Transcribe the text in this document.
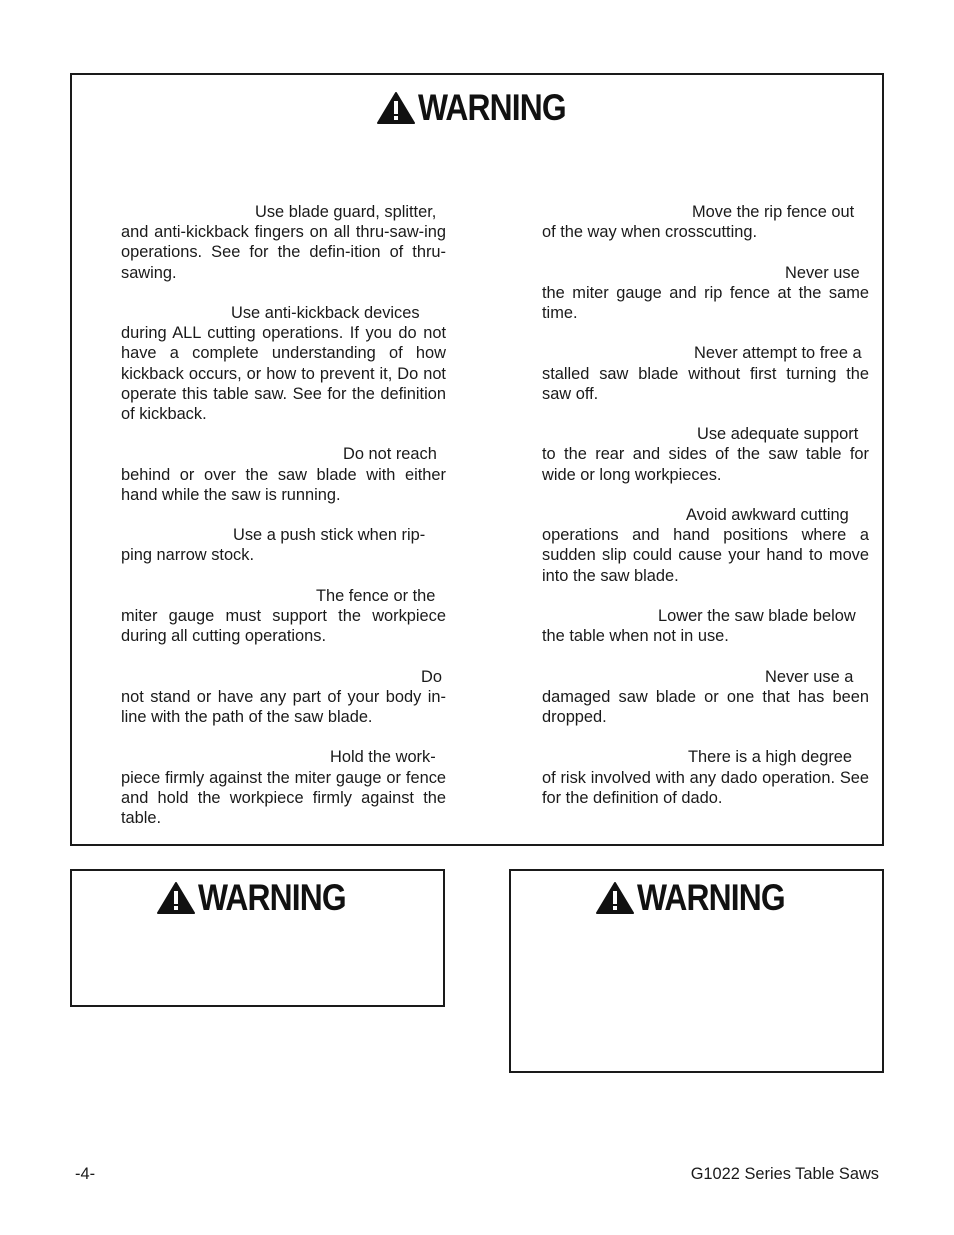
WARNING

Use blade guard, splitter, and anti-kickback fingers on all thru-saw-ing operations. See for the defin-ition of thru-sawing.

Use anti-kickback devices during ALL cutting operations. If you do not have a complete understanding of how kickback occurs, or how to prevent it, Do not operate this table saw. See for the definition of kickback.

Do not reach behind or over the saw blade with either hand while the saw is running.

Use a push stick when rip- ping narrow stock.

The fence or the miter gauge must support the workpiece during all cutting operations.

Do not stand or have any part of your body in-line with the path of the saw blade.

Hold the work- piece firmly against the miter gauge or fence and hold the workpiece firmly against the table.

Move the rip fence out of the way when crosscutting.

Never use the miter gauge and rip fence at the same time.

Never attempt to free a stalled saw blade without first turning the saw off.

Use adequate support to the rear and sides of the saw table for wide or long workpieces.

Avoid awkward cutting operations and hand positions where a sudden slip could cause your hand to move into the saw blade.

Lower the saw blade below the table when not in use.

Never use a damaged saw blade or one that has been dropped.

There is a high degree of risk involved with any dado operation. See for the definition of dado.

WARNING	WARNING
-4-	G1022 Series Table Saws
